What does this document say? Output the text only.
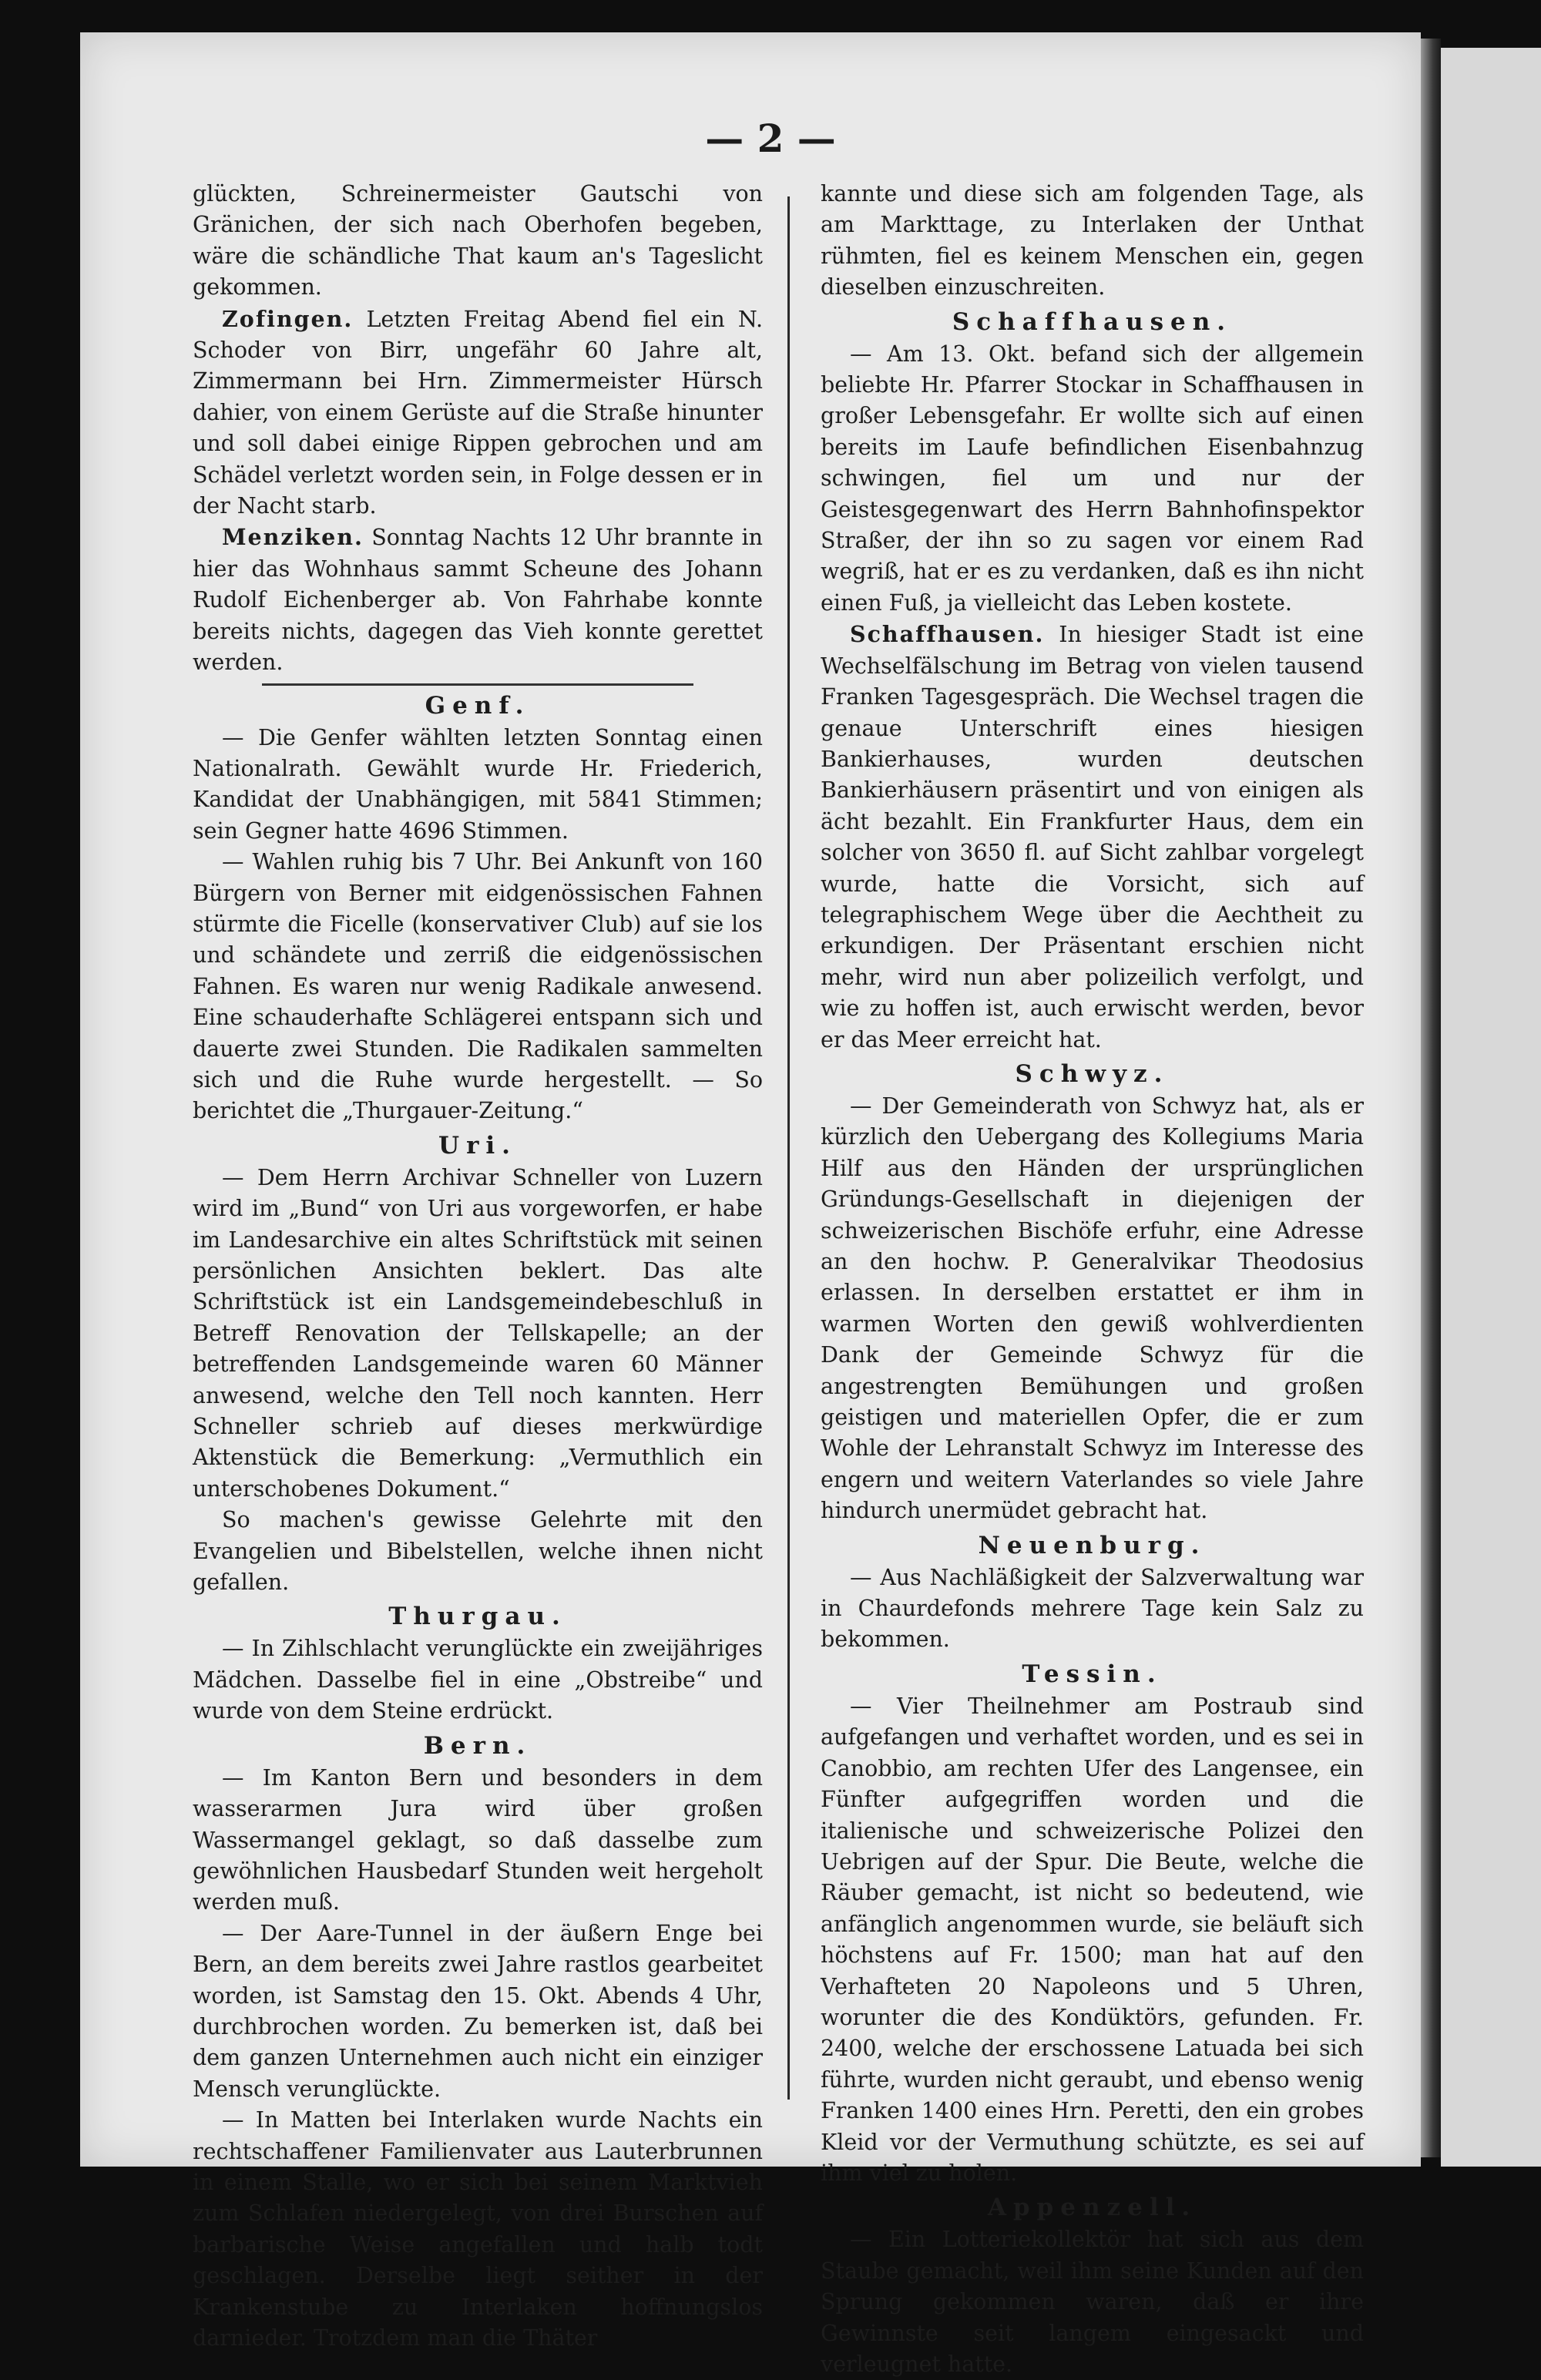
— 2 —

glückten, Schreinermeister Gautschi von Gränichen, der sich nach Oberhofen begeben, wäre die schändliche That kaum an's Tageslicht gekommen.

Zofingen. Letzten Freitag Abend fiel ein N. Schoder von Birr, ungefähr 60 Jahre alt, Zimmermann bei Hrn. Zimmermeister Hürsch dahier, von einem Gerüste auf die Straße hinunter und soll dabei einige Rippen gebrochen und am Schädel verletzt worden sein, in Folge dessen er in der Nacht starb.

Menziken. Sonntag Nachts 12 Uhr brannte in hier das Wohnhaus sammt Scheune des Johann Rudolf Eichenberger ab. Von Fahrhabe konnte bereits nichts, dagegen das Vieh konnte gerettet werden.

Genf.

— Die Genfer wählten letzten Sonntag einen Nationalrath. Gewählt wurde Hr. Friederich, Kandidat der Unabhängigen, mit 5841 Stimmen; sein Gegner hatte 4696 Stimmen.

— Wahlen ruhig bis 7 Uhr. Bei Ankunft von 160 Bürgern von Berner mit eidgenössischen Fahnen stürmte die Ficelle (konservativer Club) auf sie los und schändete und zerriß die eidgenössischen Fahnen. Es waren nur wenig Radikale anwesend. Eine schauderhafte Schlägerei entspann sich und dauerte zwei Stunden. Die Radikalen sammelten sich und die Ruhe wurde hergestellt. — So berichtet die „Thurgauer-Zeitung.“

Uri.

— Dem Herrn Archivar Schneller von Luzern wird im „Bund“ von Uri aus vorgeworfen, er habe im Landesarchive ein altes Schriftstück mit seinen persönlichen Ansichten beklert. Das alte Schriftstück ist ein Landsgemeindebeschluß in Betreff Renovation der Tellskapelle; an der betreffenden Landsgemeinde waren 60 Männer anwesend, welche den Tell noch kannten. Herr Schneller schrieb auf dieses merkwürdige Aktenstück die Bemerkung: „Vermuthlich ein unterschobenes Dokument.“

So machen's gewisse Gelehrte mit den Evangelien und Bibelstellen, welche ihnen nicht gefallen.

Thurgau.

— In Zihlschlacht verunglückte ein zweijähriges Mädchen. Dasselbe fiel in eine „Obstreibe“ und wurde von dem Steine erdrückt.

Bern.

— Im Kanton Bern und besonders in dem wasserarmen Jura wird über großen Wassermangel geklagt, so daß dasselbe zum gewöhnlichen Hausbedarf Stunden weit hergeholt werden muß.

— Der Aare-Tunnel in der äußern Enge bei Bern, an dem bereits zwei Jahre rastlos gearbeitet worden, ist Samstag den 15. Okt. Abends 4 Uhr, durchbrochen worden. Zu bemerken ist, daß bei dem ganzen Unternehmen auch nicht ein einziger Mensch verunglückte.

— In Matten bei Interlaken wurde Nachts ein rechtschaffener Familienvater aus Lauterbrunnen in einem Stalle, wo er sich bei seinem Marktvieh zum Schlafen niedergelegt, von drei Burschen auf barbarische Weise angefallen und halb todt geschlagen. Derselbe liegt seither in der Krankenstube zu Interlaken hoffnungslos darnieder. Trotzdem man die Thäter

kannte und diese sich am folgenden Tage, als am Markttage, zu Interlaken der Unthat rühmten, fiel es keinem Menschen ein, gegen dieselben einzuschreiten.

Schaffhausen.

— Am 13. Okt. befand sich der allgemein beliebte Hr. Pfarrer Stockar in Schaffhausen in großer Lebensgefahr. Er wollte sich auf einen bereits im Laufe befindlichen Eisenbahnzug schwingen, fiel um und nur der Geistesgegenwart des Herrn Bahnhofinspektor Straßer, der ihn so zu sagen vor einem Rad wegriß, hat er es zu verdanken, daß es ihn nicht einen Fuß, ja vielleicht das Leben kostete.

Schaffhausen. In hiesiger Stadt ist eine Wechselfälschung im Betrag von vielen tausend Franken Tagesgespräch. Die Wechsel tragen die genaue Unterschrift eines hiesigen Bankierhauses, wurden deutschen Bankierhäusern präsentirt und von einigen als ächt bezahlt. Ein Frankfurter Haus, dem ein solcher von 3650 fl. auf Sicht zahlbar vorgelegt wurde, hatte die Vorsicht, sich auf telegraphischem Wege über die Aechtheit zu erkundigen. Der Präsentant erschien nicht mehr, wird nun aber polizeilich verfolgt, und wie zu hoffen ist, auch erwischt werden, bevor er das Meer erreicht hat.

Schwyz.

— Der Gemeinderath von Schwyz hat, als er kürzlich den Uebergang des Kollegiums Maria Hilf aus den Händen der ursprünglichen Gründungs-Gesellschaft in diejenigen der schweizerischen Bischöfe erfuhr, eine Adresse an den hochw. P. Generalvikar Theodosius erlassen. In derselben erstattet er ihm in warmen Worten den gewiß wohlverdienten Dank der Gemeinde Schwyz für die angestrengten Bemühungen und großen geistigen und materiellen Opfer, die er zum Wohle der Lehranstalt Schwyz im Interesse des engern und weitern Vaterlandes so viele Jahre hindurch unermüdet gebracht hat.

Neuenburg.

— Aus Nachläßigkeit der Salzverwaltung war in Chaurdefonds mehrere Tage kein Salz zu bekommen.

Tessin.

— Vier Theilnehmer am Postraub sind aufgefangen und verhaftet worden, und es sei in Canobbio, am rechten Ufer des Langensee, ein Fünfter aufgegriffen worden und die italienische und schweizerische Polizei den Uebrigen auf der Spur. Die Beute, welche die Räuber gemacht, ist nicht so bedeutend, wie anfänglich angenommen wurde, sie beläuft sich höchstens auf Fr. 1500; man hat auf den Verhafteten 20 Napoleons und 5 Uhren, worunter die des Kondüktörs, gefunden. Fr. 2400, welche der erschossene Latuada bei sich führte, wurden nicht geraubt, und ebenso wenig Franken 1400 eines Hrn. Peretti, den ein grobes Kleid vor der Vermuthung schützte, es sei auf ihm viel zu holen.

Appenzell.

— Ein Lotteriekollektör hat sich aus dem Staube gemacht, weil ihm seine Kunden auf den Sprung gekommen waren, daß er ihre Gewinnste seit langem eingesackt und verleugnet hatte.
